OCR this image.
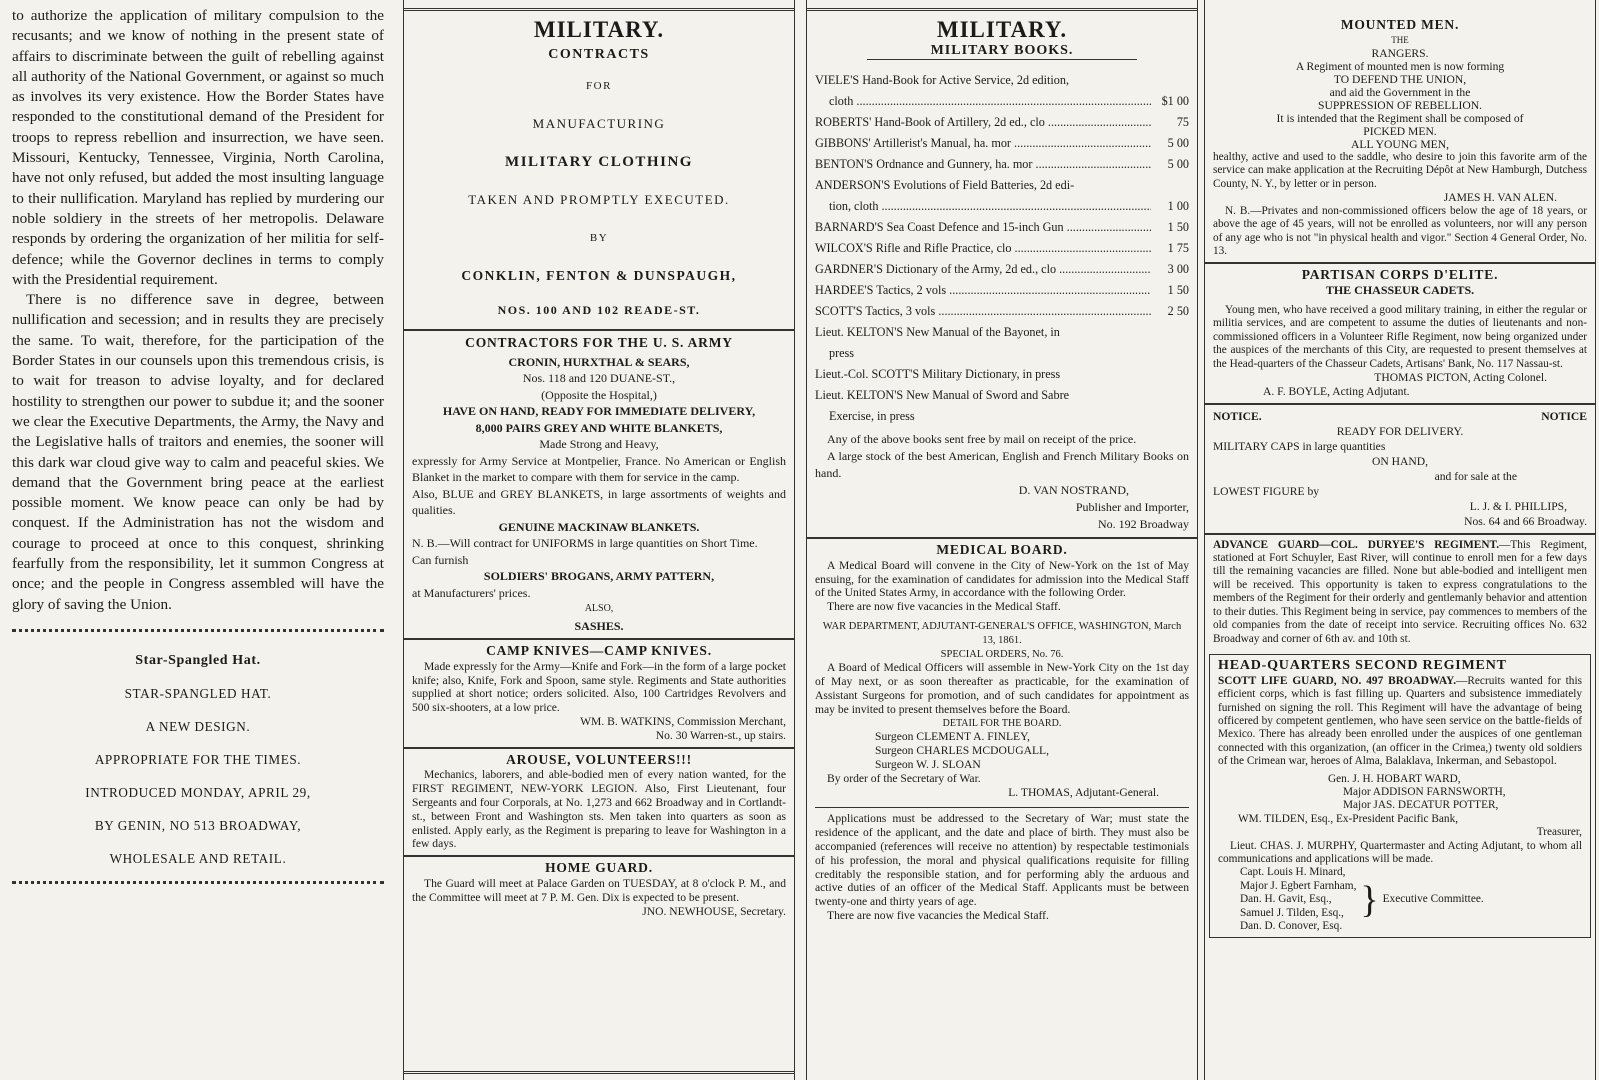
to authorize the application of military compulsion to the recusants; and we know of nothing in the present state of affairs to discriminate between the guilt of rebelling against all authority of the National Government, or against so much as involves its very existence. How the Border States have responded to the constitutional demand of the President for troops to repress rebellion and insurrection, we have seen. Missouri, Kentucky, Tennessee, Virginia, North Carolina, have not only refused, but added the most insulting language to their nullification. Maryland has replied by murdering our noble soldiery in the streets of her metropolis. Delaware responds by ordering the organization of her militia for self-defence; while the Governor declines in terms to comply with the Presidential requirement.

There is no difference save in degree, between nullification and secession; and in results they are precisely the same. To wait, therefore, for the participation of the Border States in our counsels upon this tremendous crisis, is to wait for treason to advise loyalty, and for declared hostility to strengthen our power to subdue it; and the sooner we clear the Executive Departments, the Army, the Navy and the Legislative halls of traitors and enemies, the sooner will this dark war cloud give way to calm and peaceful skies. We demand that the Government bring peace at the earliest possible moment. We know peace can only be had by conquest. If the Administration has not the wisdom and courage to proceed at once to this conquest, shrinking fearfully from the responsibility, let it summon Congress at once; and the people in Congress assembled will have the glory of saving the Union.

Star-Spangled Hat.
STAR-SPANGLED HAT.
A NEW DESIGN.
APPROPRIATE FOR THE TIMES.
INTRODUCED MONDAY, APRIL 29,
BY GENIN, NO 513 BROADWAY,
WHOLESALE AND RETAIL.
MILITARY.

CONTRACTS

FOR

MANUFACTURING

MILITARY CLOTHING

TAKEN AND PROMPTLY EXECUTED.

BY

CONKLIN, FENTON & DUNSPAUGH,

NOS. 100 AND 102 READE-ST.

CONTRACTORS FOR THE U. S. ARMY
CRONIN, HURXTHAL & SEARS,
Nos. 118 and 120 DUANE-ST.,
(Opposite the Hospital,)
HAVE ON HAND, READY FOR IMMEDIATE DELIVERY,
8,000 PAIRS GREY AND WHITE BLANKETS,
Made Strong and Heavy,
expressly for Army Service at Montpelier, France. No American or English Blanket in the market to compare with them for service in the camp.
Also, BLUE and GREY BLANKETS, in large assortments of weights and qualities.
GENUINE MACKINAW BLANKETS.
N. B.—Will contract for UNIFORMS in large quantities on Short Time.
Can furnish
SOLDIERS' BROGANS, ARMY PATTERN,
at Manufacturers' prices.
ALSO,
SASHES.
CAMP KNIVES—CAMP KNIVES.
Made expressly for the Army—Knife and Fork—in the form of a large pocket knife; also, Knife, Fork and Spoon, same style. Regiments and State authorities supplied at short notice; orders solicited. Also, 100 Cartridges Revolvers and 500 six-shooters, at a low price.
WM. B. WATKINS, Commission Merchant,
No. 30 Warren-st., up stairs.
AROUSE, VOLUNTEERS!!!
Mechanics, laborers, and able-bodied men of every nation wanted, for the FIRST REGIMENT, NEW-YORK LEGION. Also, First Lieutenant, four Sergeants and four Corporals, at No. 1,273 and 662 Broadway and in Cortlandt-st., between Front and Washington sts. Men taken into quarters as soon as enlisted. Apply early, as the Regiment is preparing to leave for Washington in a few days.
HOME GUARD.
The Guard will meet at Palace Garden on TUESDAY, at 8 o'clock P. M., and the Committee will meet at 7 P. M. Gen. Dix is expected to be present.
JNO. NEWHOUSE, Secretary.
MILITARY.
MILITARY BOOKS.
VIELE'S Hand-Book for Active Service, 2d edition,
cloth .....	$1 00
ROBERTS' Hand-Book of Artillery, 2d ed., clo .....	75
GIBBONS' Artillerist's Manual, ha. mor .....	5 00
BENTON'S Ordnance and Gunnery, ha. mor .....	5 00
ANDERSON'S Evolutions of Field Batteries, 2d edi-
tion, cloth .....	1 00
BARNARD'S Sea Coast Defence and 15-inch Gun .....	1 50
WILCOX'S Rifle and Rifle Practice, clo .....	1 75
GARDNER'S Dictionary of the Army, 2d ed., clo .....	3 00
HARDEE'S Tactics, 2 vols .....	1 50
SCOTT'S Tactics, 3 vols .....	2 50
Lieut. KELTON'S New Manual of the Bayonet, in
press
Lieut.-Col. SCOTT'S Military Dictionary, in press
Lieut. KELTON'S New Manual of Sword and Sabre
Exercise, in press
Any of the above books sent free by mail on receipt of the price.
A large stock of the best American, English and French Military Books on hand.
D. VAN NOSTRAND,
Publisher and Importer,
No. 192 Broadway
MEDICAL BOARD.
A Medical Board will convene in the City of New-York on the 1st of May ensuing, for the examination of candidates for admission into the Medical Staff of the United States Army, in accordance with the following Order.
There are now five vacancies in the Medical Staff.
WAR DEPARTMENT, ADJUTANT-GENERAL'S OFFICE, WASHINGTON, March 13, 1861.
SPECIAL ORDERS, No. 76.
A Board of Medical Officers will assemble in New-York City on the 1st day of May next, or as soon thereafter as practicable, for the examination of Assistant Surgeons for promotion, and of such candidates for appointment as may be invited to present themselves before the Board.
DETAIL FOR THE BOARD.
Surgeon CLEMENT A. FINLEY,
Surgeon CHARLES MCDOUGALL,
Surgeon W. J. SLOAN
By order of the Secretary of War.
L. THOMAS, Adjutant-General.
Applications must be addressed to the Secretary of War; must state the residence of the applicant, and the date and place of birth. They must also be accompanied (references will receive no attention) by respectable testimonials of his profession, the moral and physical qualifications requisite for filling creditably the responsible station, and for performing ably the arduous and active duties of an officer of the Medical Staff. Applicants must be between twenty-one and thirty years of age.
There are now five vacancies the Medical Staff.
MOUNTED MEN.
THE
RANGERS.
A Regiment of mounted men is now forming
TO DEFEND THE UNION,
and aid the Government in the
SUPPRESSION OF REBELLION.
It is intended that the Regiment shall be composed of
PICKED MEN.
ALL YOUNG MEN,
healthy, active and used to the saddle, who desire to join this favorite arm of the service can make application at the Recruiting Dépôt at New Hamburgh, Dutchess County, N. Y., by letter or in person.
JAMES H. VAN ALEN.
N. B.—Privates and non-commissioned officers below the age of 18 years, or above the age of 45 years, will not be enrolled as volunteers, nor will any person of any age who is not "in physical health and vigor." Section 4 General Order, No. 13.
PARTISAN CORPS D'ELITE.
THE CHASSEUR CADETS.
Young men, who have received a good military training, in either the regular or militia services, and are competent to assume the duties of lieutenants and non-commissioned officers in a Volunteer Rifle Regiment, now being organized under the auspices of the merchants of this City, are requested to present themselves at the Head-quarters of the Chasseur Cadets, Artisans' Bank, No. 117 Nassau-st.
THOMAS PICTON, Acting Colonel.
A. F. BOYLE, Acting Adjutant.
NOTICE.	NOTICE
READY FOR DELIVERY.
MILITARY CAPS in large quantities
ON HAND,
and for sale at the
LOWEST FIGURE by
L. J. & I. PHILLIPS,
Nos. 64 and 66 Broadway.
ADVANCE GUARD—COL. DURYEE'S REGIMENT.—This Regiment, stationed at Fort Schuyler, East River, will continue to enroll men for a few days till the remaining vacancies are filled. None but able-bodied and intelligent men will be received. This opportunity is taken to express congratulations to the members of the Regiment for their orderly and gentlemanly behavior and attention to their duties. This Regiment being in service, pay commences to members of the old companies from the date of receipt into service. Recruiting offices No. 632 Broadway and corner of 6th av. and 10th st.
HEAD-QUARTERS SECOND REGIMENT
SCOTT LIFE GUARD, NO. 497 BROADWAY.—Recruits wanted for this efficient corps, which is fast filling up. Quarters and subsistence immediately furnished on signing the roll. This Regiment will have the advantage of being officered by competent gentlemen, who have seen service on the battle-fields of Mexico. There has already been enrolled under the auspices of one gentleman connected with this organization, (an officer in the Crimea,) twenty old soldiers of the Crimean war, heroes of Alma, Balaklava, Inkerman, and Sebastopol.
Gen. J. H. HOBART WARD,
Major ADDISON FARNSWORTH,
Major JAS. DECATUR POTTER,
WM. TILDEN, Esq., Ex-President Pacific Bank,
Treasurer,
Lieut. CHAS. J. MURPHY, Quartermaster and Acting Adjutant, to whom all communications and applications will be made.
Capt. Louis H. Minard,
Major J. Egbert Farnham,
Dan. H. Gavit, Esq.,
Samuel J. Tilden, Esq.,
Dan. D. Conover, Esq.
} Executive Committee.
